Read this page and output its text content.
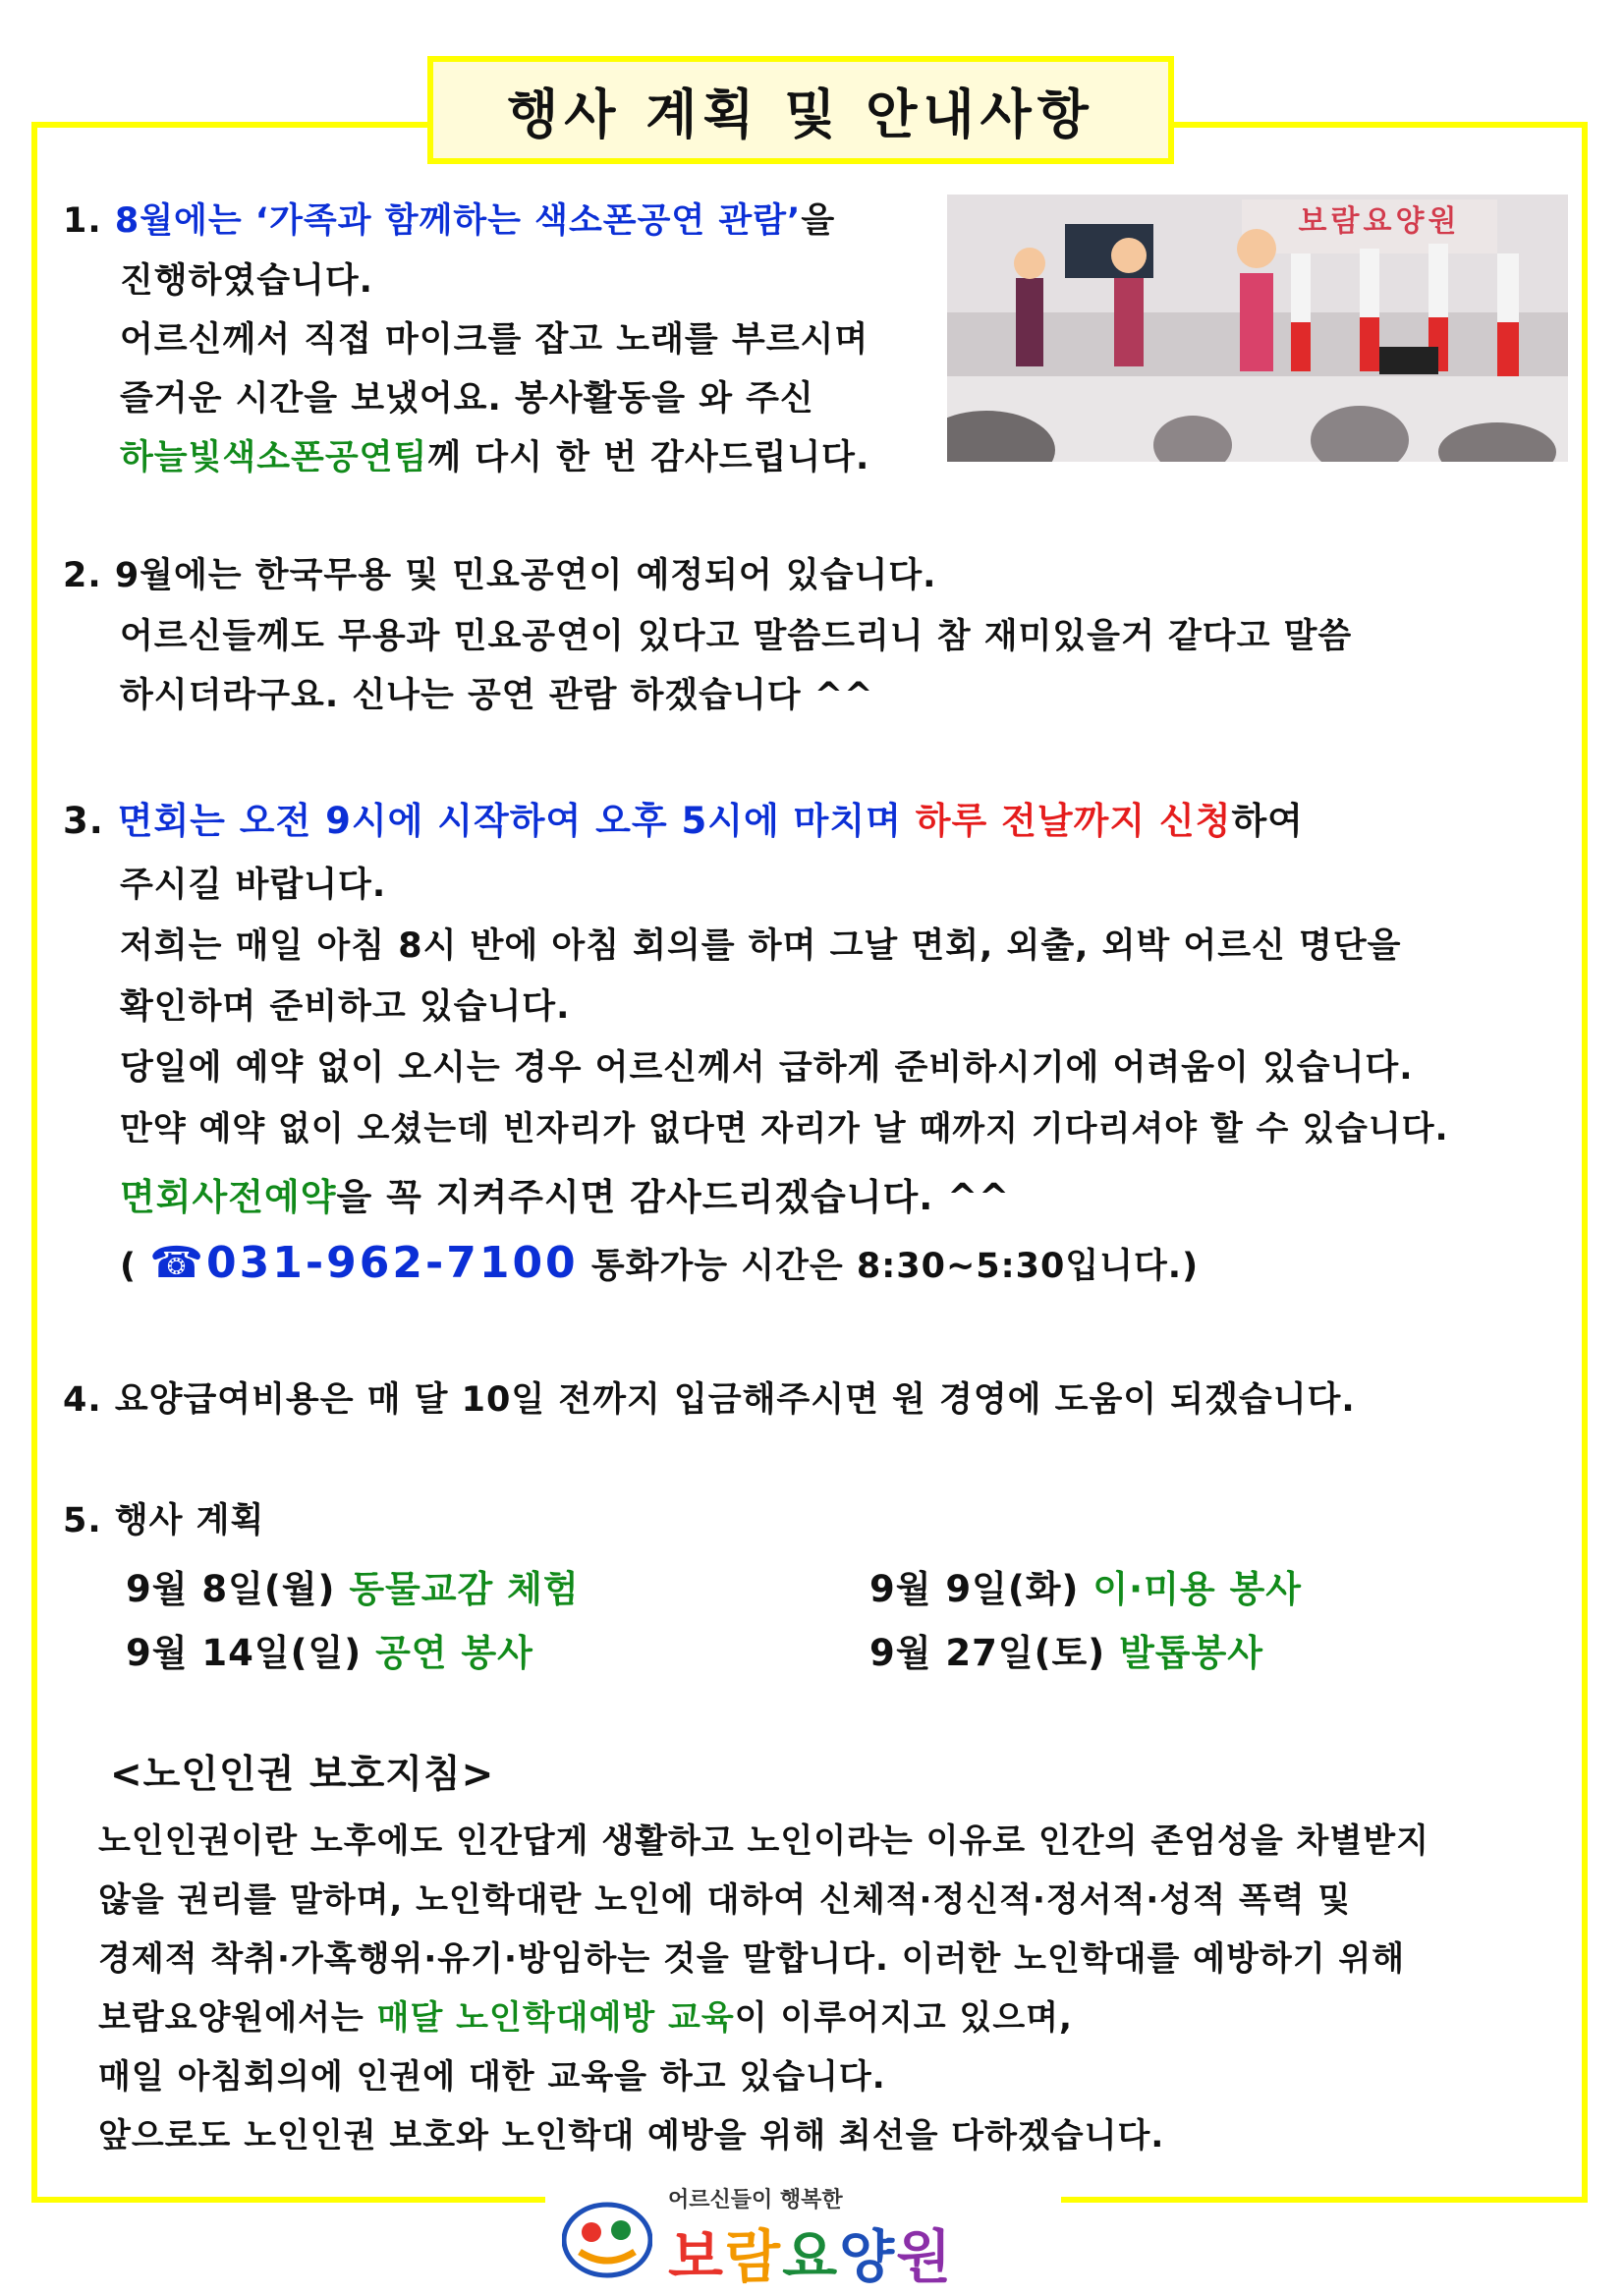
행사 계획 및 안내사항
1. 8월에는 ‘가족과 함께하는 색소폰공연 관람’을
진행하였습니다.
어르신께서 직접 마이크를 잡고 노래를 부르시며
즐거운 시간을 보냈어요. 봉사활동을 와 주신
하늘빛색소폰공연팀께 다시 한 번 감사드립니다.
보람요양원
2. 9월에는 한국무용 및 민요공연이 예정되어 있습니다.
어르신들께도 무용과 민요공연이 있다고 말씀드리니 참 재미있을거 같다고 말씀
하시더라구요. 신나는 공연 관람 하겠습니다 ^^
3. 면회는 오전 9시에 시작하여 오후 5시에 마치며 하루 전날까지 신청하여
주시길 바랍니다.
저희는 매일 아침 8시 반에 아침 회의를 하며 그날 면회, 외출, 외박 어르신 명단을
확인하며 준비하고 있습니다.
당일에 예약 없이 오시는 경우 어르신께서 급하게 준비하시기에 어려움이 있습니다.
만약 예약 없이 오셨는데 빈자리가 없다면 자리가 날 때까지 기다리셔야 할 수 있습니다.
면회사전예약을 꼭 지켜주시면 감사드리겠습니다. ^^
( ☎031-962-7100 통화가능 시간은 8:30~5:30입니다.)
4. 요양급여비용은 매 달 10일 전까지 입금해주시면 원 경영에 도움이 되겠습니다.
5. 행사 계획
9월 8일(월) 동물교감 체험	9월 9일(화) 이·미용 봉사
9월 14일(일) 공연 봉사	9월 27일(토) 발톱봉사
<노인인권 보호지침>
노인인권이란 노후에도 인간답게 생활하고 노인이라는 이유로 인간의 존엄성을 차별받지
않을 권리를 말하며, 노인학대란 노인에 대하여 신체적·정신적·정서적·성적 폭력 및
경제적 착취·가혹행위·유기·방임하는 것을 말합니다. 이러한 노인학대를 예방하기 위해
보람요양원에서는 매달 노인학대예방 교육이 이루어지고 있으며,
매일 아침회의에 인권에 대한 교육을 하고 있습니다.
앞으로도 노인인권 보호와 노인학대 예방을 위해 최선을 다하겠습니다.
어르신들이 행복한
보람요양원
